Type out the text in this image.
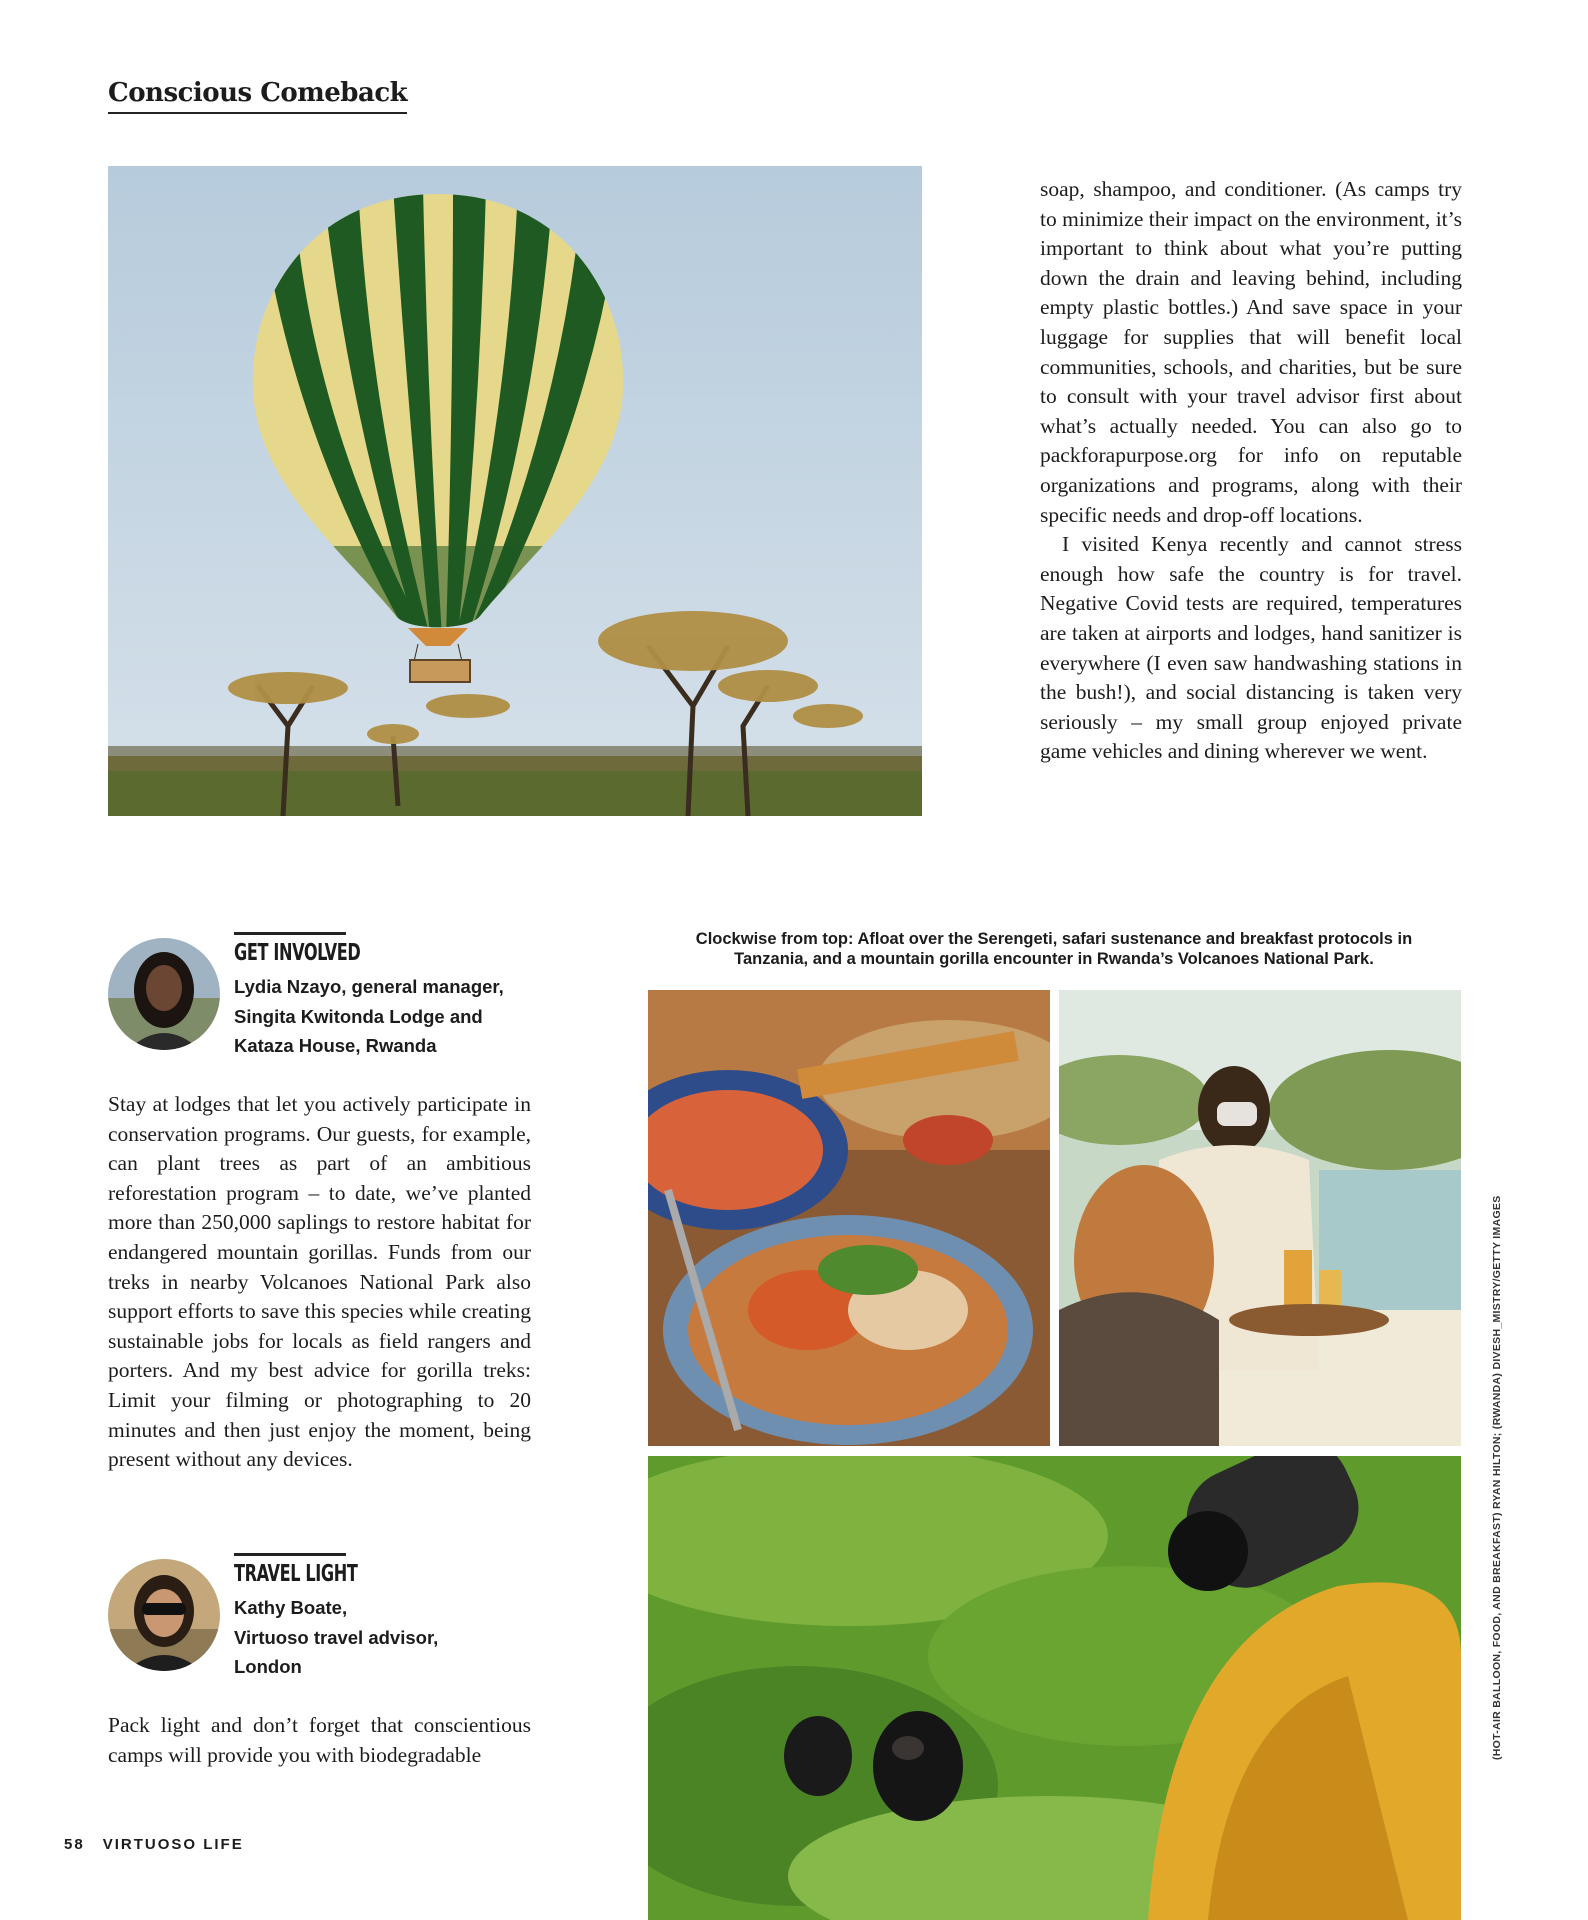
Conscious Comeback

soap, shampoo, and conditioner. (As camps try to minimize their impact on the environment, it’s important to think about what you’re putting down the drain and leaving behind, including empty plastic bottles.) And save space in your luggage for supplies that will benefit local communities, schools, and charities, but be sure to consult with your travel advisor first about what’s actually needed. You can also go to packforapurpose.org for info on reputable organizations and programs, along with their specific needs and drop-off locations.

I visited Kenya recently and cannot stress enough how safe the country is for travel. Negative Covid tests are required, temperatures are taken at airports and lodges, hand sanitizer is everywhere (I even saw handwashing stations in the bush!), and social distancing is taken very seriously – my small group enjoyed private game vehicles and dining wherever we went.

Clockwise from top: Afloat over the Serengeti, safari sustenance and breakfast protocols in
Tanzania, and a mountain gorilla encounter in Rwanda’s Volcanoes National Park.
(HOT-AIR BALLOON, FOOD, AND BREAKFAST) RYAN HILTON; (RWANDA) DIVESH_MISTRY/GETTY IMAGES
GET INVOLVED
Lydia Nzayo, general manager,
Singita Kwitonda Lodge and
Kataza House, Rwanda

Stay at lodges that let you actively participate in conservation programs. Our guests, for example, can plant trees as part of an ambitious reforestation program – to date, we’ve planted more than 250,000 saplings to restore habitat for endangered mountain gorillas. Funds from our treks in nearby Volcanoes National Park also support efforts to save this species while creating sustainable jobs for locals as field rangers and porters. And my best advice for gorilla treks: Limit your filming or photographing to 20 minutes and then just enjoy the moment, being present without any devices.

TRAVEL LIGHT
Kathy Boate,
Virtuoso travel advisor,
London

Pack light and don’t forget that conscientious camps will provide you with biodegradable

58 VIRTUOSO LIFE
